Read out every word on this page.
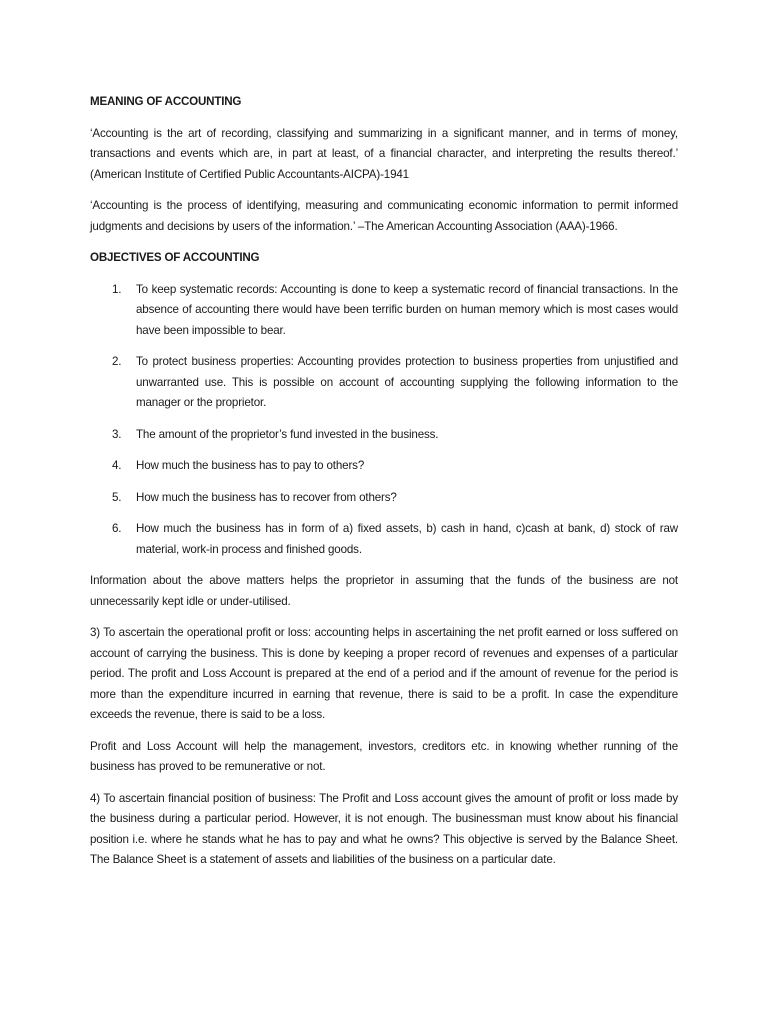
MEANING OF ACCOUNTING

‘Accounting is the art of recording, classifying and summarizing in a significant manner, and in terms of money, transactions and events which are, in part at least, of a financial character, and interpreting the results thereof.’ (American Institute of Certified Public Accountants-AICPA)-1941

‘Accounting is the process of identifying, measuring and communicating economic information to permit informed judgments and decisions by users of the information.’ –The American Accounting Association (AAA)-1966.

OBJECTIVES OF ACCOUNTING
1. To keep systematic records: Accounting is done to keep a systematic record of financial transactions. In the absence of accounting there would have been terrific burden on human memory which is most cases would have been impossible to bear.
2. To protect business properties: Accounting provides protection to business properties from unjustified and unwarranted use. This is possible on account of accounting supplying the following information to the manager or the proprietor.
3. The amount of the proprietor’s fund invested in the business.
4. How much the business has to pay to others?
5. How much the business has to recover from others?
6. How much the business has in form of a) fixed assets, b) cash in hand, c)cash at bank, d) stock of raw material, work-in process and finished goods.

Information about the above matters helps the proprietor in assuming that the funds of the business are not unnecessarily kept idle or under-utilised.

3) To ascertain the operational profit or loss: accounting helps in ascertaining the net profit earned or loss suffered on account of carrying the business. This is done by keeping a proper record of revenues and expenses of a particular period. The profit and Loss Account is prepared at the end of a period and if the amount of revenue for the period is more than the expenditure incurred in earning that revenue, there is said to be a profit. In case the expenditure exceeds the revenue, there is said to be a loss.

Profit and Loss Account will help the management, investors, creditors etc. in knowing whether running of the business has proved to be remunerative or not.

4) To ascertain financial position of business: The Profit and Loss account gives the amount of profit or loss made by the business during a particular period. However, it is not enough. The businessman must know about his financial position i.e. where he stands what he has to pay and what he owns? This objective is served by the Balance Sheet. The Balance Sheet is a statement of assets and liabilities of the business on a particular date.
